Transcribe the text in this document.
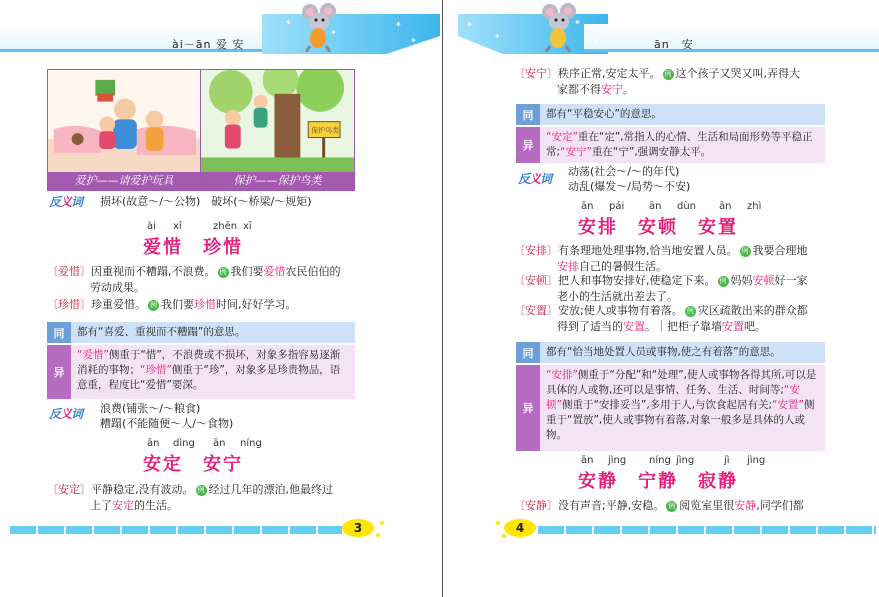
✦
✦
✦
✦
ài－ān 爱 安
爱护——请爱护玩具
保护鸟类
保护——保护鸟类
反义词 损坏(故意～/～公物)　破坏(～桥梁/～规矩)
ài xī	zhēn xī
爱惜　珍惜
〔爱惜〕因重视而不糟蹋,不浪费。 例 我们要爱惜农民伯伯的
劳动成果。
〔珍惜〕珍重爱惜。 例 我们要珍惜时间,好好学习。
同	都有“喜爱、重视而不糟蹋”的意思。
异
“爱惜”侧重于“惜”，不浪费或不损坏，对象多指容易逐渐消耗的事物；“珍惜”侧重于“珍”，对象多是珍贵物品，语意重，程度比“爱惜”要深。
反义词 浪费(铺张～/～粮食)
糟蹋(不能随便～人/～食物)
ān dìng ān níng
安定　安宁
〔安定〕平静稳定,没有波动。 例 经过几年的漂泊,他最终过
上了安定的生活。
3
✦
✦
✦
✦	ān　安
〔安宁〕秩序正常,安定太平。 例 这个孩子又哭又叫,弄得大
家都不得安宁。
同	都有“平稳安心”的意思。
异
“安定”重在“定”,常指人的心情、生活和局面形势等平稳正常;“安宁”重在“宁”,强调安静太平。
反义词
动荡(社会～/～的年代)
动乱(爆发～/局势～不安)
ān pái ān dùn ān zhì
安排　安顿　安置
〔安排〕有条理地处理事物,恰当地安置人员。 例 我要合理地
安排自己的暑假生活。
〔安顿〕把人和事物安排好,使稳定下来。 例 妈妈安顿好一家
老小的生活就出差去了。
〔安置〕安放;使人或事物有着落。 例 灾区疏散出来的群众都
得到了适当的安置。｜把柜子靠墙安置吧。
同	都有“恰当地处置人员或事物,使之有着落”的意思。
异
“安排”侧重于“分配”和“处理”,使人或事物各得其所,可以是具体的人或物,还可以是事情、任务、生活、时间等;“安顿”侧重于“安排妥当”,多用于人,与饮食起居有关;“安置”侧重于“置放”,使人或事物有着落,对象一般多是具体的人或物。
ān jìng níng jìng	jì jìng
安静　宁静　寂静
〔安静〕没有声音;平静,安稳。 例 阅览室里很安静,同学们都
4
